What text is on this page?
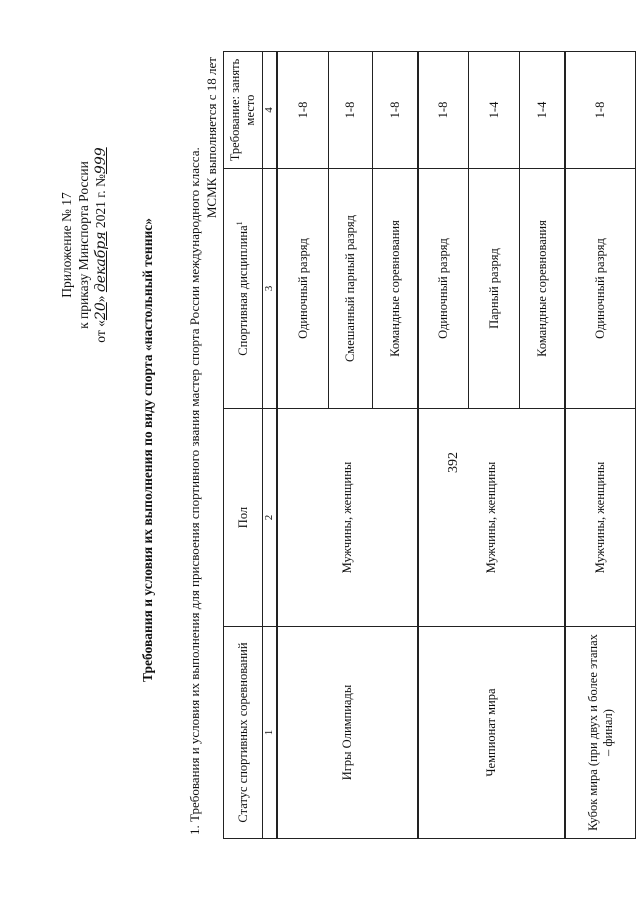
392
Приложение № 17 к приказу Минспорта России
от «20» декабря 2021 г. №999
Требования и условия их выполнения по виду спорта «настольный теннис» 1. Требования и условия их выполнения для присвоения спортивного звания мастер спорта России международного класса.
МСМК выполняется с 18 лет
Статус спортивных соревнований	Пол	Спортивная дисциплина$^1$	Требование: занять место
1	2	3	4
Игры Олимпиады	Мужчины, женщины	Одиночный разряд	1-8
		Смешанный парный разряд	1-8
		Командные соревнования	1-8
Чемпионат мира	Мужчины, женщины	Одиночный разряд	1-8
		Парный разряд	1-4
		Командные соревнования	1-4
Кубок мира (при двух и более этапах – финал)	Мужчины, женщины	Одиночный разряд	1-8
